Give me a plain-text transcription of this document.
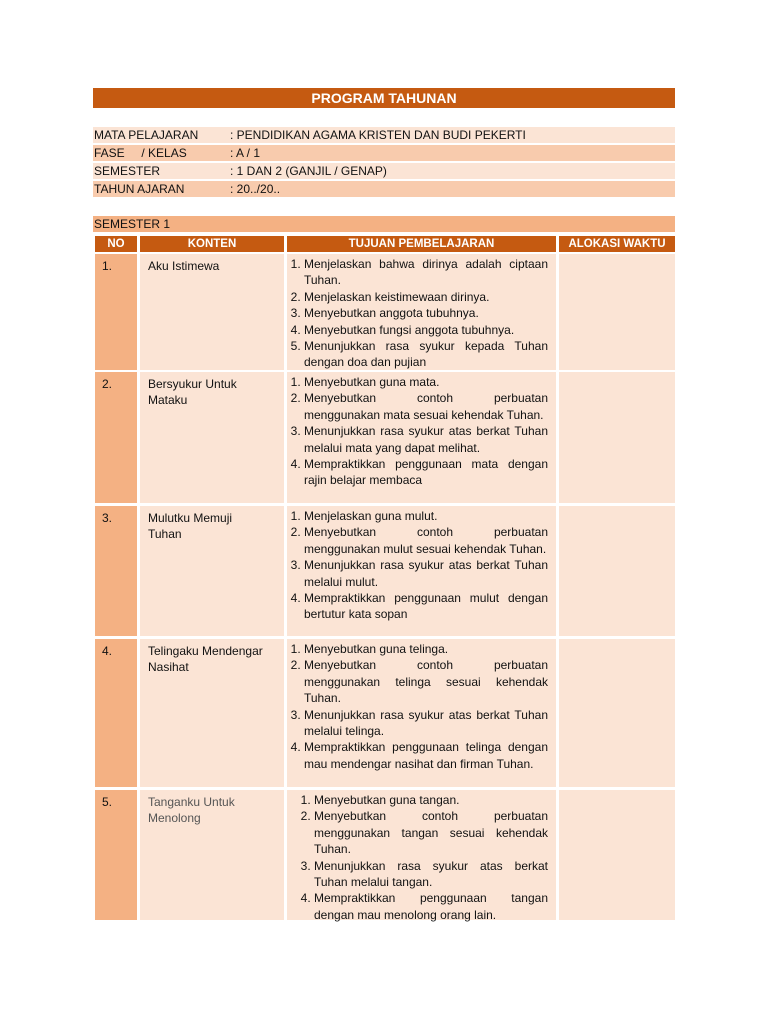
PROGRAM TAHUNAN
MATA PELAJARAN	: PENDIDIKAN AGAMA KRISTEN DAN BUDI PEKERTI
FASE     / KELAS	: A / 1
SEMESTER	: 1 DAN 2 (GANJIL / GENAP)
TAHUN AJARAN	: 20../20..
SEMESTER 1
NO	KONTEN	TUJUAN PEMBELAJARAN	ALOKASI WAKTU
1.	Aku Istimewa
1.	Menjelaskan bahwa dirinya adalah ciptaan Tuhan.
2. Menjelaskan keistimewaan dirinya.
3. Menyebutkan anggota tubuhnya.
4. Menyebutkan fungsi anggota tubuhnya.
5. Menunjukkan rasa syukur kepada Tuhan dengan doa dan pujian
2.	Bersyukur Untuk Mataku
1. Menyebutkan guna mata.
2. Menyebutkan contoh perbuatan menggunakan mata sesuai kehendak Tuhan.
3. Menunjukkan rasa syukur atas berkat Tuhan melalui mata yang dapat melihat.
4. Mempraktikkan penggunaan mata dengan rajin belajar membaca
3.	Mulutku Memuji Tuhan
1. Menjelaskan guna mulut.
2. Menyebutkan contoh perbuatan menggunakan mulut sesuai kehendak Tuhan.
3. Menunjukkan rasa syukur atas berkat Tuhan melalui mulut.
4. Mempraktikkan penggunaan mulut dengan bertutur kata sopan
4.	Telingaku Mendengar Nasihat
1. Menyebutkan guna telinga.
2. Menyebutkan contoh perbuatan menggunakan telinga sesuai kehendak Tuhan.
3. Menunjukkan rasa syukur atas berkat Tuhan melalui telinga.
4. Mempraktikkan penggunaan telinga dengan mau mendengar nasihat dan firman Tuhan.
5.	Tanganku Untuk Menolong
1. Menyebutkan guna tangan.
2. Menyebutkan contoh perbuatan menggunakan tangan sesuai kehendak Tuhan.
3. Menunjukkan rasa syukur atas berkat Tuhan melalui tangan.
4. Mempraktikkan penggunaan tangan dengan mau menolong orang lain.
